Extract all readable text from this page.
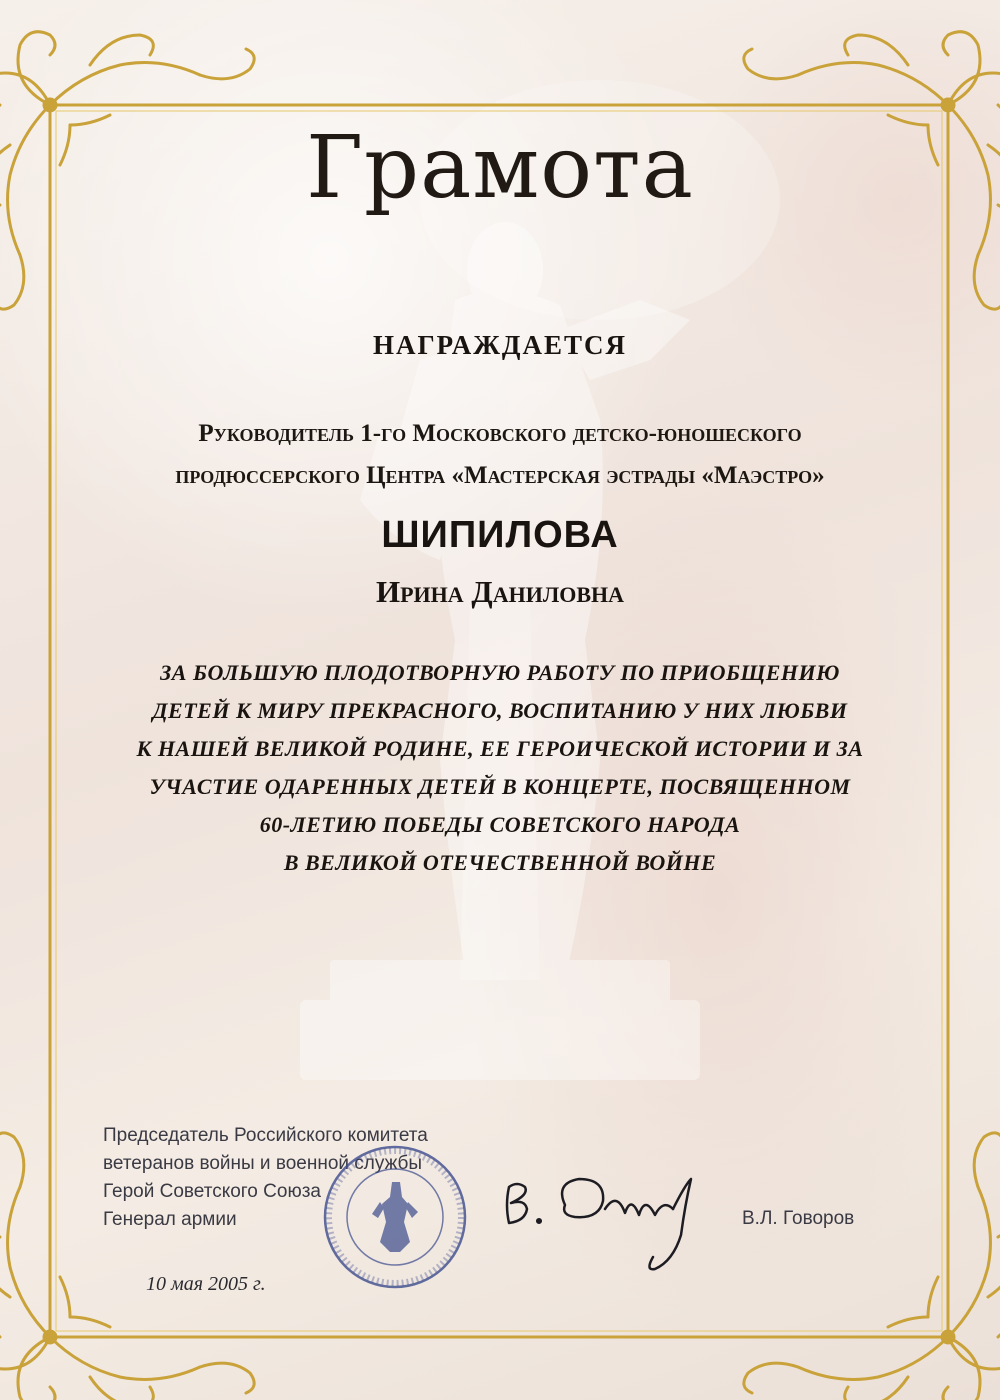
Грамота
НАГРАЖДАЕТСЯ
Руководитель 1-го Московского детско-юношеского
продюссерского Центра «Мастерская эстрады «Маэстро»
ШИПИЛОВА
Ирина Даниловна
ЗА БОЛЬШУЮ ПЛОДОТВОРНУЮ РАБОТУ ПО ПРИОБЩЕНИЮ
ДЕТЕЙ К МИРУ ПРЕКРАСНОГО, ВОСПИТАНИЮ У НИХ ЛЮБВИ
К НАШЕЙ ВЕЛИКОЙ РОДИНЕ, ЕЕ ГЕРОИЧЕСКОЙ ИСТОРИИ И ЗА
УЧАСТИЕ ОДАРЕННЫХ ДЕТЕЙ В КОНЦЕРТЕ, ПОСВЯЩЕННОМ
60-ЛЕТИЮ ПОБЕДЫ СОВЕТСКОГО НАРОДА
В ВЕЛИКОЙ ОТЕЧЕСТВЕННОЙ ВОЙНЕ
Председатель Российского комитета
ветеранов войны и военной службы
Герой Советского Союза
Генерал армии	В.Л. Говоров
10 мая 2005 г.
